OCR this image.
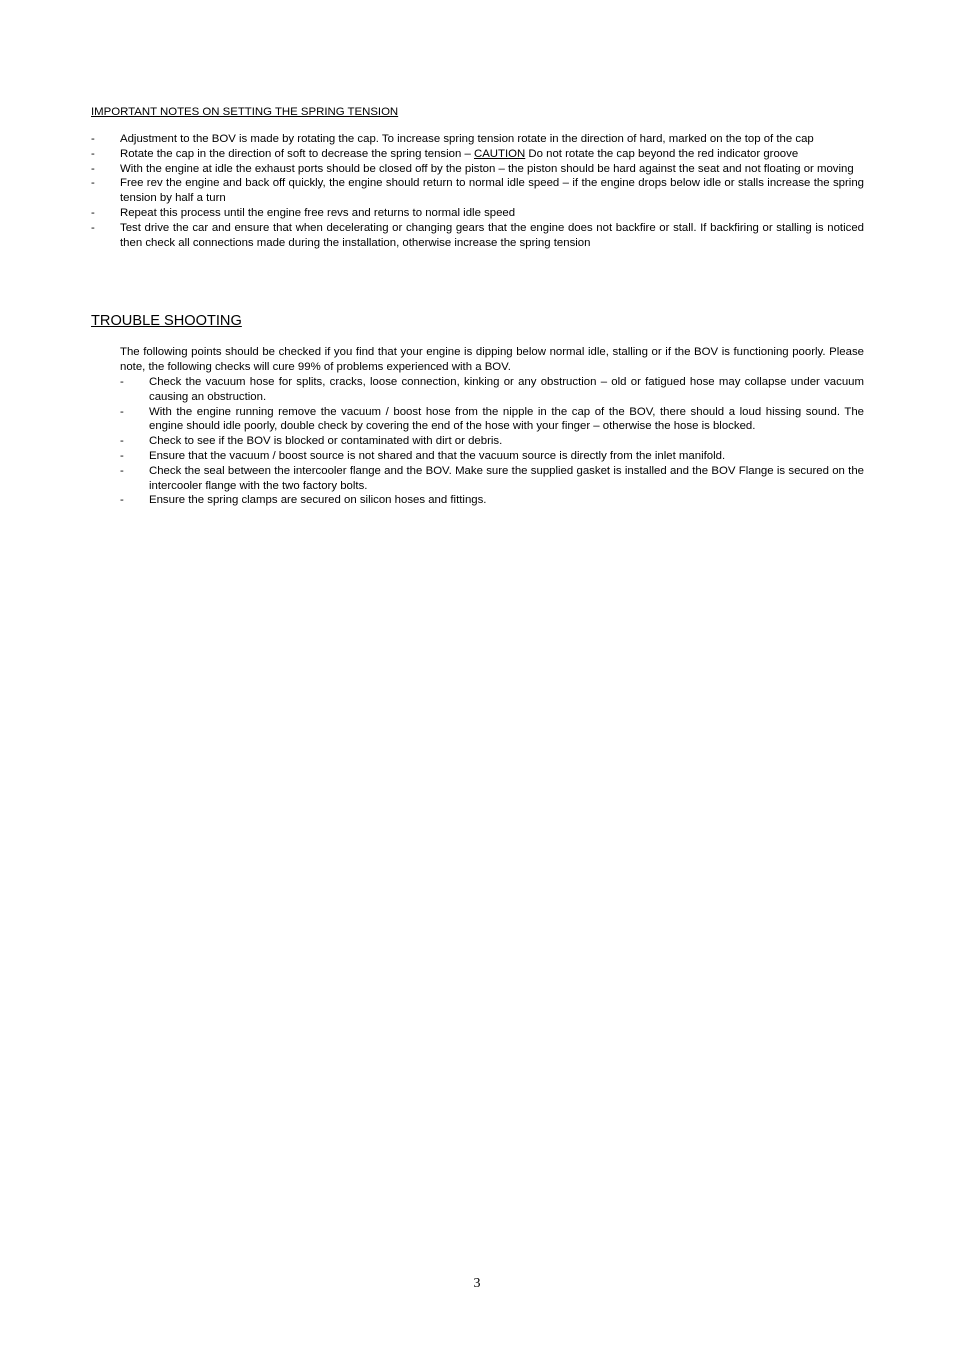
IMPORTANT NOTES ON SETTING THE SPRING TENSION
- Adjustment to the BOV is made by rotating the cap. To increase spring tension rotate in the direction of hard, marked on the top of the cap
- Rotate the cap in the direction of soft to decrease the spring tension – CAUTION Do not rotate the cap beyond the red indicator groove
- With the engine at idle the exhaust ports should be closed off by the piston – the piston should be hard against the seat and not floating or moving
- Free rev the engine and back off quickly, the engine should return to normal idle speed – if the engine drops below idle or stalls increase the spring tension by half a turn
- Repeat this process until the engine free revs and returns to normal idle speed
- Test drive the car and ensure that when decelerating or changing gears that the engine does not backfire or stall. If backfiring or stalling is noticed then check all connections made during the installation, otherwise increase the spring tension
TROUBLE SHOOTING

The following points should be checked if you find that your engine is dipping below normal idle, stalling or if the BOV is functioning poorly. Please note, the following checks will cure 99% of problems experienced with a BOV.

- Check the vacuum hose for splits, cracks, loose connection, kinking or any obstruction – old or fatigued hose may collapse under vacuum causing an obstruction.
- With the engine running remove the vacuum / boost hose from the nipple in the cap of the BOV, there should a loud hissing sound. The engine should idle poorly, double check by covering the end of the hose with your finger – otherwise the hose is blocked.
- Check to see if the BOV is blocked or contaminated with dirt or debris.
- Ensure that the vacuum / boost source is not shared and that the vacuum source is directly from the inlet manifold.
- Check the seal between the intercooler flange and the BOV. Make sure the supplied gasket is installed and the BOV Flange is secured on the intercooler flange with the two factory bolts.
- Ensure the spring clamps are secured on silicon hoses and fittings.
3
